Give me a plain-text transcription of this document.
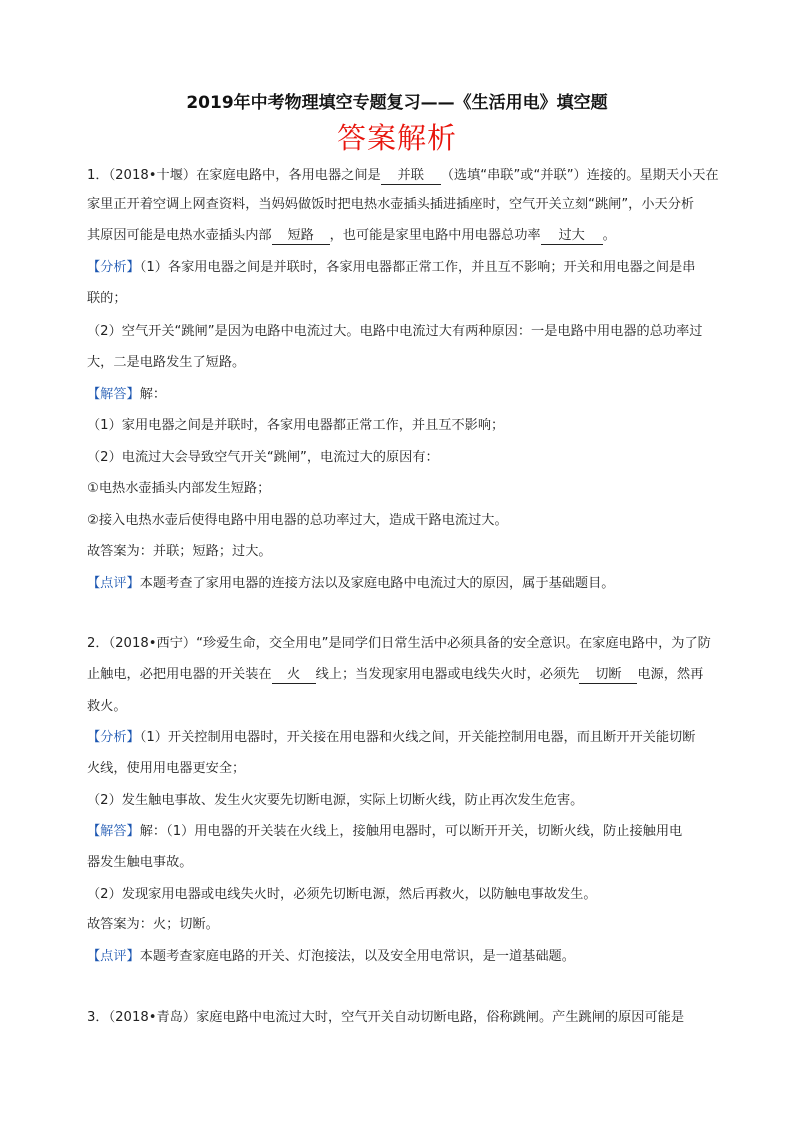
2019年中考物理填空专题复习——《生活用电》填空题
答案解析
1．（2018•十堰）在家庭电路中，各用电器之间是 并联 （选填“串联”或“并联”）连接的。星期天小天在
家里正开着空调上网查资料，当妈妈做饭时把电热水壶插头插进插座时，空气开关立刻“跳闸”，小天分析
其原因可能是电热水壶插头内部 短路 ，也可能是家里电路中用电器总功率 过大 。
【分析】（1）各家用电器之间是并联时，各家用电器都正常工作，并且互不影响；开关和用电器之间是串
联的；
（2）空气开关“跳闸”是因为电路中电流过大。电路中电流过大有两种原因：一是电路中用电器的总功率过
大，二是电路发生了短路。
【解答】解：
（1）家用电器之间是并联时，各家用电器都正常工作，并且互不影响；
（2）电流过大会导致空气开关“跳闸”，电流过大的原因有：
①电热水壶插头内部发生短路；
②接入电热水壶后使得电路中用电器的总功率过大，造成干路电流过大。
故答案为：并联；短路；过大。
【点评】本题考查了家用电器的连接方法以及家庭电路中电流过大的原因，属于基础题目。
2．（2018•西宁）“珍爱生命，交全用电”是同学们日常生活中必须具备的安全意识。在家庭电路中，为了防
止触电，必把用电器的开关装在 火 线上；当发现家用电器或电线失火时，必须先 切断 电源，然再
救火。
【分析】（1）开关控制用电器时，开关接在用电器和火线之间，开关能控制用电器，而且断开开关能切断
火线，使用用电器更安全；
（2）发生触电事故、发生火灾要先切断电源，实际上切断火线，防止再次发生危害。
【解答】解：（1）用电器的开关装在火线上，接触用电器时，可以断开开关，切断火线，防止接触用电
器发生触电事故。
（2）发现家用电器或电线失火时，必须先切断电源，然后再救火，以防触电事故发生。
故答案为：火；切断。
【点评】本题考查家庭电路的开关、灯泡接法，以及安全用电常识，是一道基础题。
3．（2018•青岛）家庭电路中电流过大时，空气开关自动切断电路，俗称跳闸。产生跳闸的原因可能是
